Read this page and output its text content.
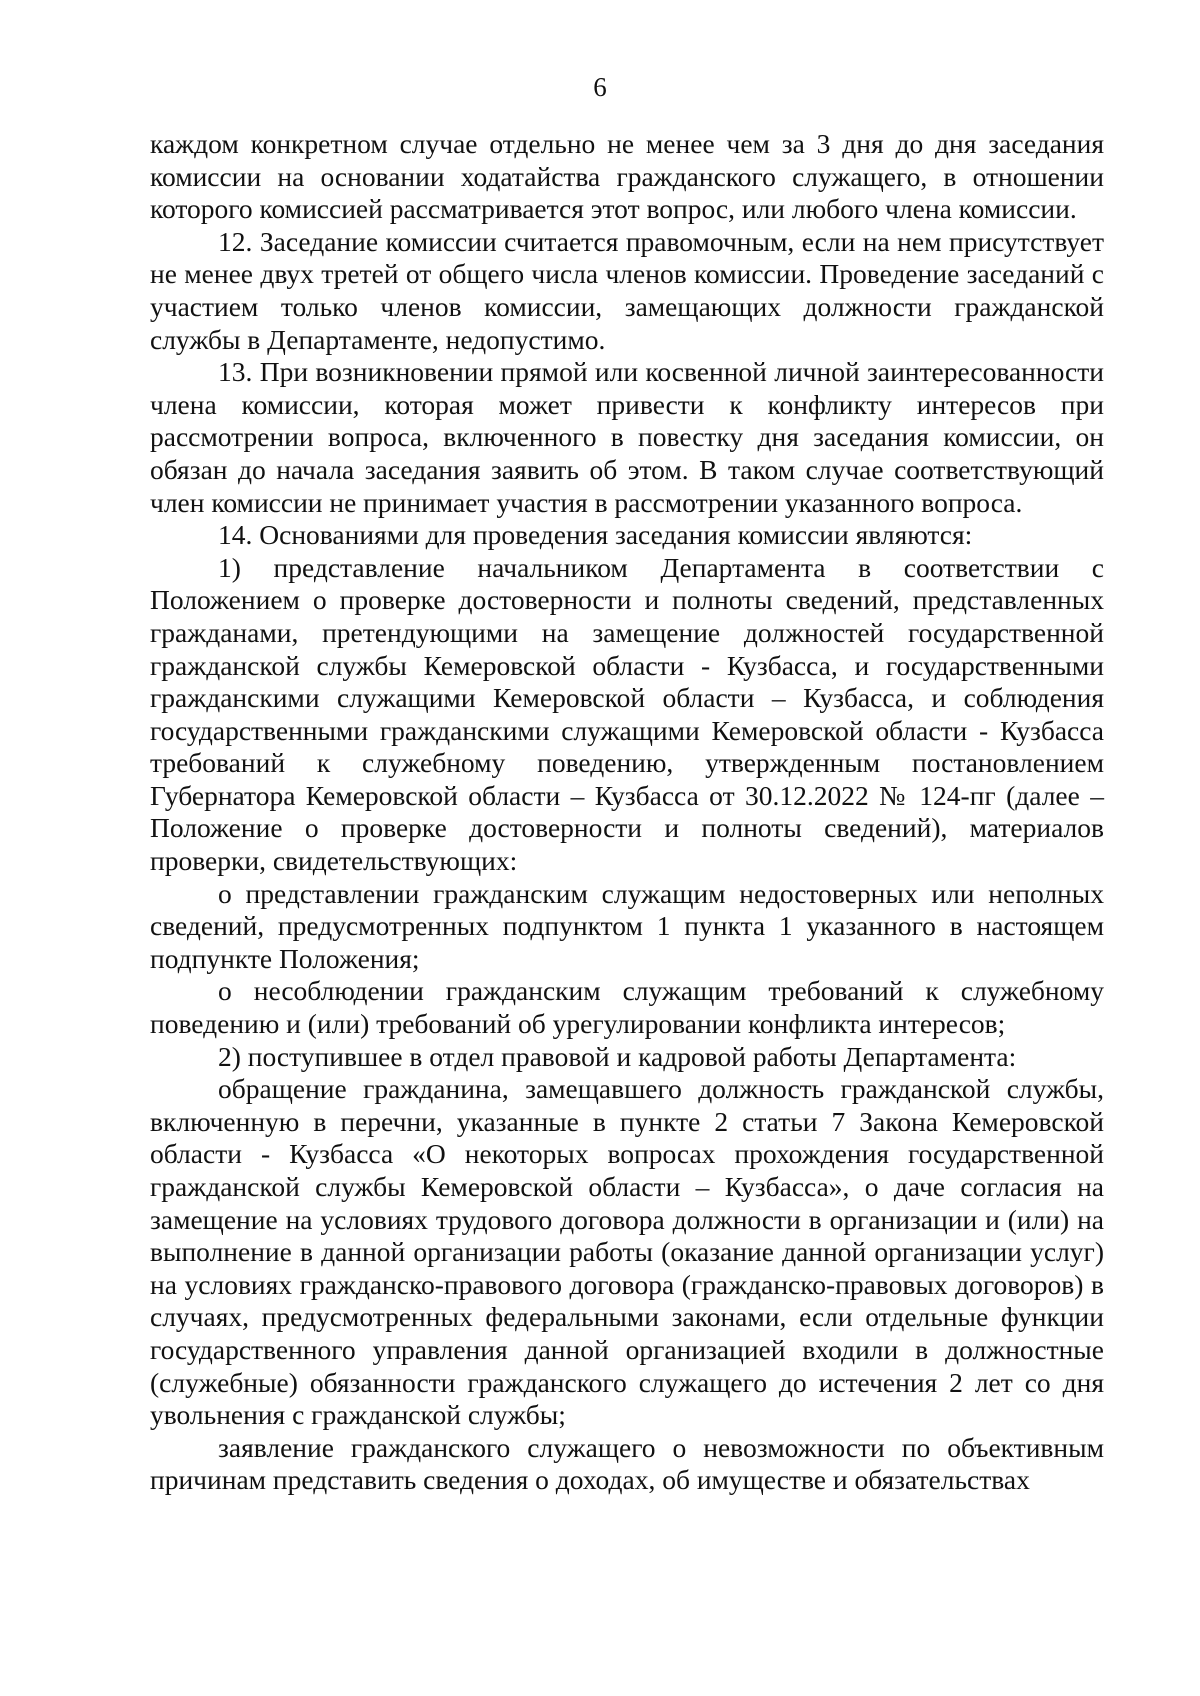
6

каждом конкретном случае отдельно не менее чем за 3 дня до дня заседания комиссии на основании ходатайства гражданского служащего, в отношении которого комиссией рассматривается этот вопрос, или любого члена комиссии.

12. Заседание комиссии считается правомочным, если на нем присутствует не менее двух третей от общего числа членов комиссии. Проведение заседаний с участием только членов комиссии, замещающих должности гражданской службы в Департаменте, недопустимо.

13. При возникновении прямой или косвенной личной заинтересованности члена комиссии, которая может привести к конфликту интересов при рассмотрении вопроса, включенного в повестку дня заседания комиссии, он обязан до начала заседания заявить об этом. В таком случае соответствующий член комиссии не принимает участия в рассмотрении указанного вопроса.

14. Основаниями для проведения заседания комиссии являются:

1) представление начальником Департамента в соответствии с Положением о проверке достоверности и полноты сведений, представленных гражданами, претендующими на замещение должностей государственной гражданской службы Кемеровской области - Кузбасса, и государственными гражданскими служащими Кемеровской области – Кузбасса, и соблюдения государственными гражданскими служащими Кемеровской области - Кузбасса требований к служебному поведению, утвержденным постановлением Губернатора Кемеровской области – Кузбасса от 30.12.2022 № 124-пг (далее – Положение о проверке достоверности и полноты сведений), материалов проверки, свидетельствующих:

о представлении гражданским служащим недостоверных или неполных сведений, предусмотренных подпунктом 1 пункта 1 указанного в настоящем подпункте Положения;

о несоблюдении гражданским служащим требований к служебному поведению и (или) требований об урегулировании конфликта интересов;

2) поступившее в отдел правовой и кадровой работы Департамента:

обращение гражданина, замещавшего должность гражданской службы, включенную в перечни, указанные в пункте 2 статьи 7 Закона Кемеровской области - Кузбасса «О некоторых вопросах прохождения государственной гражданской службы Кемеровской области – Кузбасса», о даче согласия на замещение на условиях трудового договора должности в организации и (или) на выполнение в данной организации работы (оказание данной организации услуг) на условиях гражданско-правового договора (гражданско-правовых договоров) в случаях, предусмотренных федеральными законами, если отдельные функции государственного управления данной организацией входили в должностные (служебные) обязанности гражданского служащего до истечения 2 лет со дня увольнения с гражданской службы;

заявление гражданского служащего о невозможности по объективным причинам представить сведения о доходах, об имуществе и обязательствах
